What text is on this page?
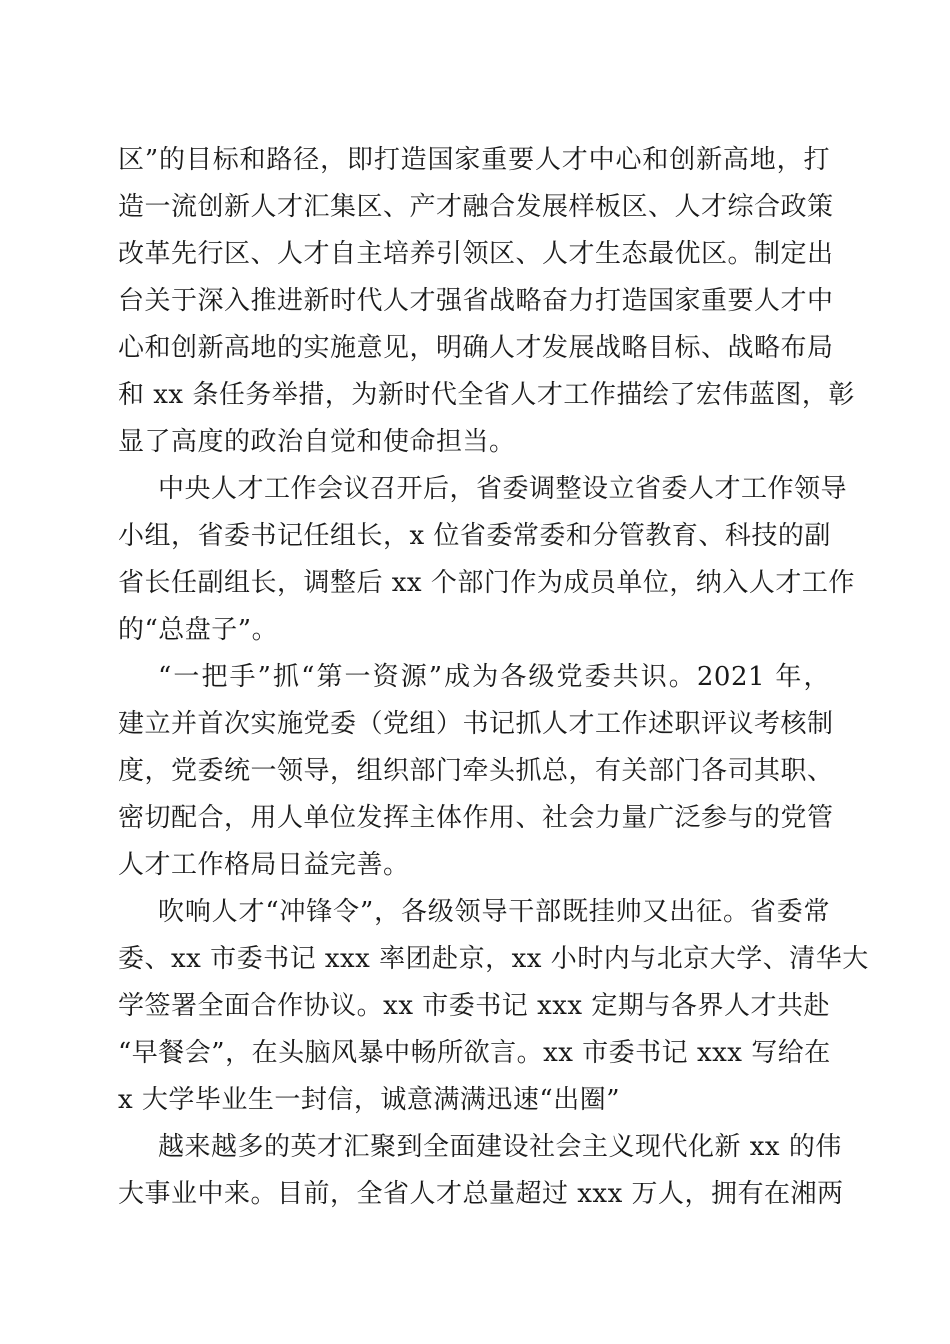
区”的目标和路径，即打造国家重要人才中心和创新高地，打
造一流创新人才汇集区、产才融合发展样板区、人才综合政策
改革先行区、人才自主培养引领区、人才生态最优区。制定出
台关于深入推进新时代人才强省战略奋力打造国家重要人才中
心和创新高地的实施意见，明确人才发展战略目标、战略布局
和 xx 条任务举措，为新时代全省人才工作描绘了宏伟蓝图，彰
显了高度的政治自觉和使命担当。
中央人才工作会议召开后，省委调整设立省委人才工作领导
小组，省委书记任组长，x 位省委常委和分管教育、科技的副
省长任副组长，调整后 xx 个部门作为成员单位，纳入人才工作
的“总盘子”。
“一把手”抓“第一资源”成为各级党委共识。2021 年，
建立并首次实施党委（党组）书记抓人才工作述职评议考核制
度，党委统一领导，组织部门牵头抓总，有关部门各司其职、
密切配合，用人单位发挥主体作用、社会力量广泛参与的党管
人才工作格局日益完善。
吹响人才“冲锋令”，各级领导干部既挂帅又出征。省委常
委、xx 市委书记 xxx 率团赴京，xx 小时内与北京大学、清华大
学签署全面合作协议。xx 市委书记 xxx 定期与各界人才共赴
“早餐会”，在头脑风暴中畅所欲言。xx 市委书记 xxx 写给在
x 大学毕业生一封信，诚意满满迅速“出圈”
越来越多的英才汇聚到全面建设社会主义现代化新 xx 的伟
大事业中来。目前，全省人才总量超过 xxx 万人，拥有在湘两
